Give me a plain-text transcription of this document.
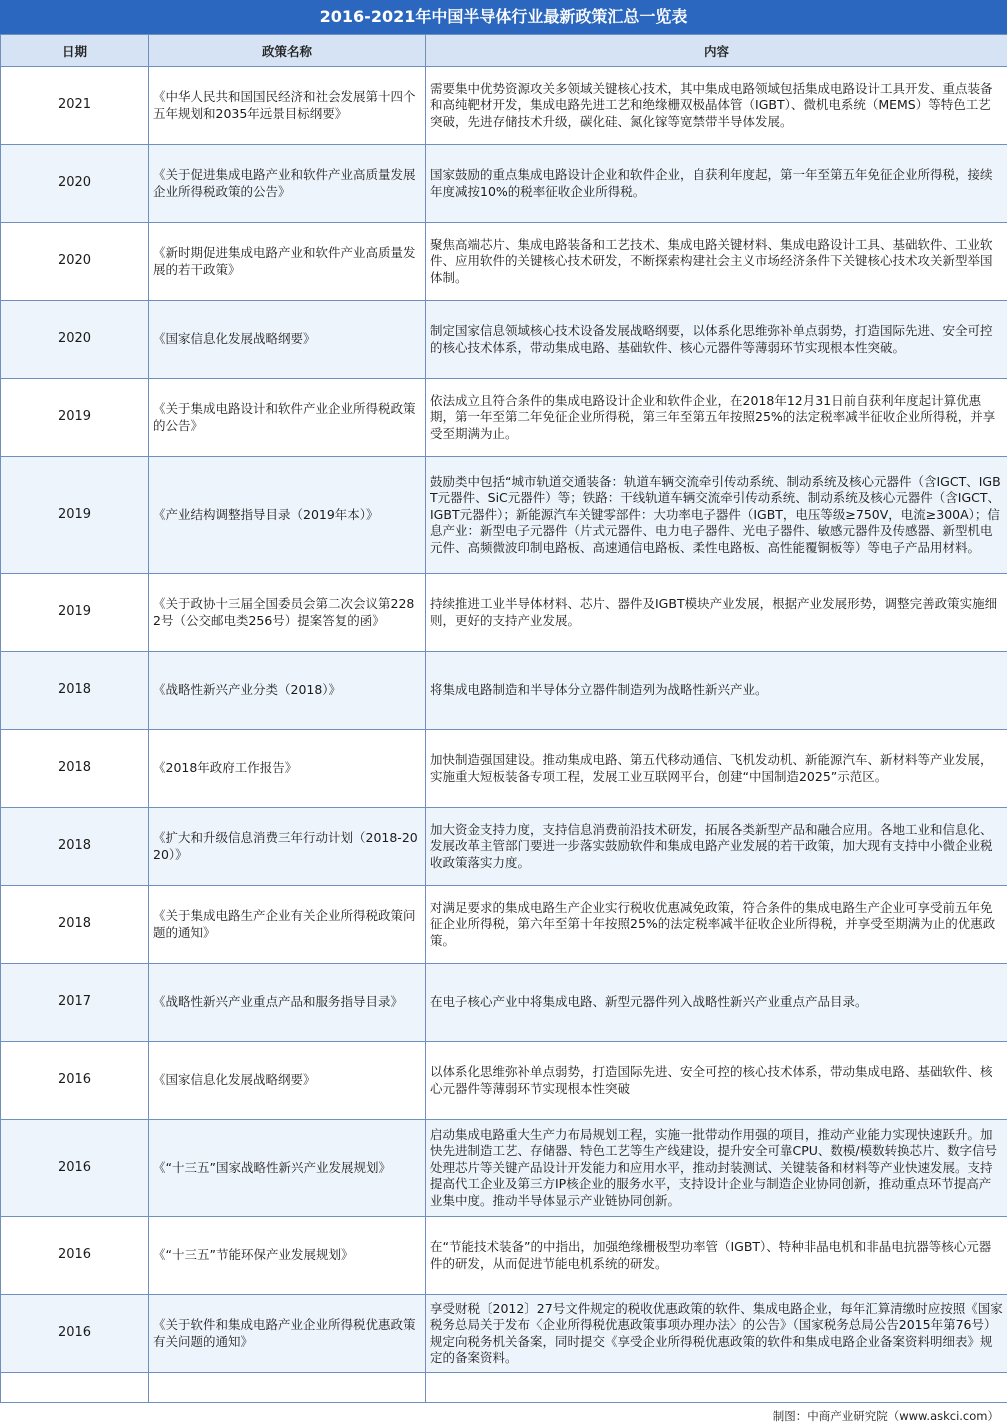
2016-2021年中国半导体行业最新政策汇总一览表
日期	政策名称	内容
2021	《中华人民共和国国民经济和社会发展第十四个五年规划和2035年远景目标纲要》	需要集中优势资源攻关多领域关键核心技术，其中集成电路领域包括集成电路设计工具开发、重点装备和高纯靶材开发，集成电路先进工艺和绝缘栅双极晶体管（IGBT）、微机电系统（MEMS）等特色工艺突破，先进存储技术升级，碳化硅、氮化镓等宽禁带半导体发展。
2020	《关于促进集成电路产业和软件产业高质量发展企业所得税政策的公告》	国家鼓励的重点集成电路设计企业和软件企业，自获利年度起，第一年至第五年免征企业所得税，接续年度减按10%的税率征收企业所得税。
2020	《新时期促进集成电路产业和软件产业高质量发展的若干政策》	聚焦高端芯片、集成电路装备和工艺技术、集成电路关键材料、集成电路设计工具、基础软件、工业软件、应用软件的关键核心技术研发，不断探索构建社会主义市场经济条件下关键核心技术攻关新型举国体制。
2020	《国家信息化发展战略纲要》	制定国家信息领域核心技术设备发展战略纲要，以体系化思维弥补单点弱势，打造国际先进、安全可控的核心技术体系，带动集成电路、基础软件、核心元器件等薄弱环节实现根本性突破。
2019	《关于集成电路设计和软件产业企业所得税政策的公告》	依法成立且符合条件的集成电路设计企业和软件企业，在2018年12月31日前自获利年度起计算优惠期，第一年至第二年免征企业所得税，第三年至第五年按照25%的法定税率减半征收企业所得税，并享受至期满为止。
2019	《产业结构调整指导目录（2019年本）》	鼓励类中包括“城市轨道交通装备：轨道车辆交流牵引传动系统、制动系统及核心元器件（含IGCT、IGBT元器件、SiC元器件）等；铁路：干线轨道车辆交流牵引传动系统、制动系统及核心元器件（含IGCT、IGBT元器件）；新能源汽车关键零部件：大功率电子器件（IGBT，电压等级≥750V，电流≥300A）；信息产业：新型电子元器件（片式元器件、电力电子器件、光电子器件、敏感元器件及传感器、新型机电元件、高频微波印制电路板、高速通信电路板、柔性电路板、高性能覆铜板等）等电子产品用材料。
2019	《关于政协十三届全国委员会第二次会议第2282号（公交邮电类256号）提案答复的函》	持续推进工业半导体材料、芯片、器件及IGBT模块产业发展，根据产业发展形势，调整完善政策实施细则，更好的支持产业发展。
2018	《战略性新兴产业分类（2018）》	将集成电路制造和半导体分立器件制造列为战略性新兴产业。
2018	《2018年政府工作报告》	加快制造强国建设。推动集成电路、第五代移动通信、飞机发动机、新能源汽车、新材料等产业发展，实施重大短板装备专项工程，发展工业互联网平台，创建“中国制造2025”示范区。
2018	《扩大和升级信息消费三年行动计划（2018-2020）》	加大资金支持力度，支持信息消费前沿技术研发，拓展各类新型产品和融合应用。各地工业和信息化、发展改革主管部门要进一步落实鼓励软件和集成电路产业发展的若干政策，加大现有支持中小微企业税收政策落实力度。
2018	《关于集成电路生产企业有关企业所得税政策问题的通知》	对满足要求的集成电路生产企业实行税收优惠减免政策，符合条件的集成电路生产企业可享受前五年免征企业所得税，第六年至第十年按照25%的法定税率减半征收企业所得税，并享受至期满为止的优惠政策。
2017	《战略性新兴产业重点产品和服务指导目录》	在电子核心产业中将集成电路、新型元器件列入战略性新兴产业重点产品目录。
2016	《国家信息化发展战略纲要》	以体系化思维弥补单点弱势，打造国际先进、安全可控的核心技术体系，带动集成电路、基础软件、核心元器件等薄弱环节实现根本性突破
2016	《“十三五”国家战略性新兴产业发展规划》	启动集成电路重大生产力布局规划工程，实施一批带动作用强的项目，推动产业能力实现快速跃升。加快先进制造工艺、存储器、特色工艺等生产线建设，提升安全可靠CPU、数模/模数转换芯片、数字信号处理芯片等关键产品设计开发能力和应用水平，推动封装测试、关键装备和材料等产业快速发展。支持提高代工企业及第三方IP核企业的服务水平，支持设计企业与制造企业协同创新，推动重点环节提高产业集中度。推动半导体显示产业链协同创新。
2016	《“十三五”节能环保产业发展规划》	在“节能技术装备”的中指出，加强绝缘栅极型功率管（IGBT）、特种非晶电机和非晶电抗器等核心元器件的研发，从而促进节能电机系统的研发。
2016	《关于软件和集成电路产业企业所得税优惠政策有关问题的通知》	享受财税〔2012〕27号文件规定的税收优惠政策的软件、集成电路企业，每年汇算清缴时应按照《国家税务总局关于发布〈企业所得税优惠政策事项办理办法〉的公告》（国家税务总局公告2015年第76号）规定向税务机关备案，同时提交《享受企业所得税优惠政策的软件和集成电路企业备案资料明细表》规定的备案资料。

制图：中商产业研究院（www.askci.com）
